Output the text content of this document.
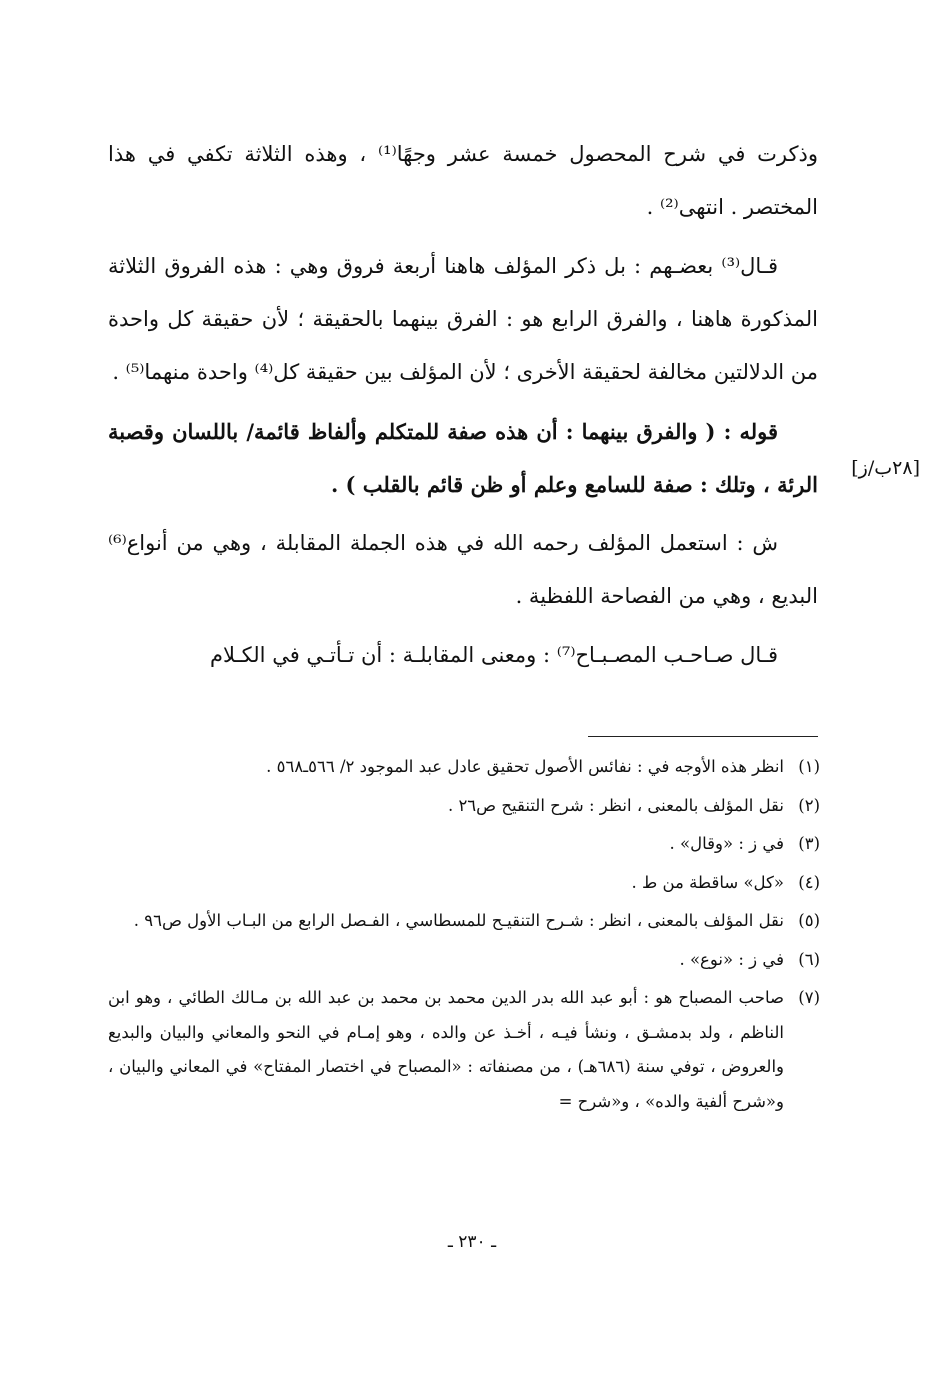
وذكرت في شرح المحصول خمسة عشر وجهًا⁽¹⁾ ، وهذه الثلاثة تكفي في هذا المختصر . انتهى⁽²⁾ .

قـال⁽³⁾ بعضـهم : بل ذكر المؤلف هاهنا أربعة فروق وهي : هذه الفروق الثلاثة المذكورة هاهنا ، والفرق الرابع هو : الفرق بينهما بالحقيقة ؛ لأن حقيقة كل واحدة من الدلالتين مخالفة لحقيقة الأخرى ؛ لأن المؤلف بين حقيقة كل⁽⁴⁾ واحدة منهما⁽⁵⁾ .

قوله : ( والفرق بينهما : أن هذه صفة للمتكلم وألفاظ قائمة/ باللسان وقصبة الرئة ، وتلك : صفة للسامع وعلم أو ظن قائم بالقلب ) .

ش : استعمل المؤلف رحمه الله في هذه الجملة المقابلة ، وهي من أنواع⁽⁶⁾ البديع ، وهي من الفصاحة اللفظية .

قـال صـاحـب المصـبـاح⁽⁷⁾ : ومعنى المقابلـة : أن تـأتـي في الكـلام

[٢٨ب/ز]
(١)
انظر هذه الأوجه في : نفائس الأصول تحقيق عادل عبد الموجود ٢/ ٥٦٦ـ٥٦٨ .
(٢)
نقل المؤلف بالمعنى ، انظر : شرح التنقيح ص٢٦ .
(٣)
في ز : «وقال» .
(٤)
«كل» ساقطة من ط .
(٥)
نقل المؤلف بالمعنى ، انظر : شـرح التنقيـح للمسطاسي ، الفـصل الرابع من البـاب الأول ص٩٦ .
(٦)
في ز : «نوع» .
(٧)
صاحب المصباح هو : أبو عبد الله بدر الدين محمد بن محمد بن عبد الله بن مـالك الطائي ، وهو ابن الناظم ، ولد بدمشـق ، ونشأ فيـه ، أخـذ عن والده ، وهو إمـام في النحو والمعاني والبيان والبديع والعروض ، توفي سنة (٦٨٦هـ) ، من مصنفاته : «المصباح في اختصار المفتاح» في المعاني والبيان ، و«شرح ألفية والده» ، و«شرح =
ـ ٢٣٠ ـ
